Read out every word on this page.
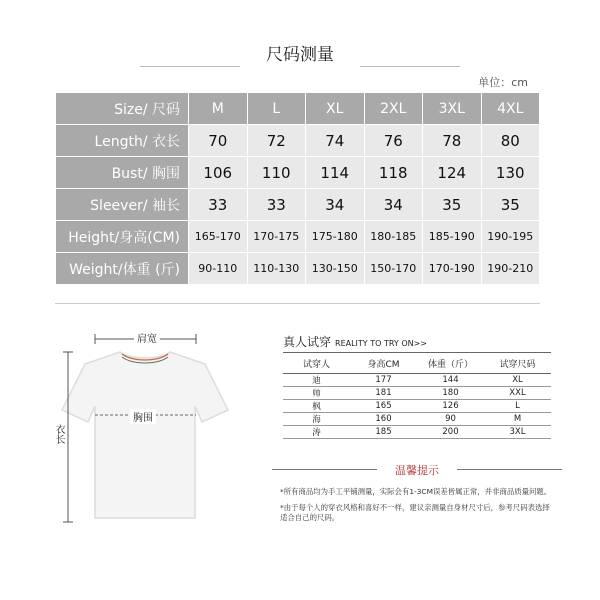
尺码测量
单位：cm
Size/ 尺码	M	L	XL	2XL	3XL	4XL
Length/ 衣长	70	72	74	76	78	80
Bust/ 胸围	106	110	114	118	124	130
Sleever/ 袖长	33	33	34	34	35	35
Height/身高(CM)	165-170	170-175	175-180	180-185	185-190	190-195
Weight/体重 (斤)	90-110	110-130	130-150	150-170	170-190	190-210
肩宽
胸围
衣长
真人试穿 REALITY TO TRY ON>>
试穿人	身高CM	体重（斤）	试穿尺码
迪	177	144	XL
帅	181	180	XXL
枫	165	126	L
海	160	90	M
涛	185	200	3XL
温馨提示
*所有商品均为手工平铺测量，实际会有1-3CM误差皆属正常，并非商品质量问题。
*由于每个人的穿衣风格和喜好不一样，建议亲测量自身材尺寸后，参考尺码表选择适合自己的尺码。
